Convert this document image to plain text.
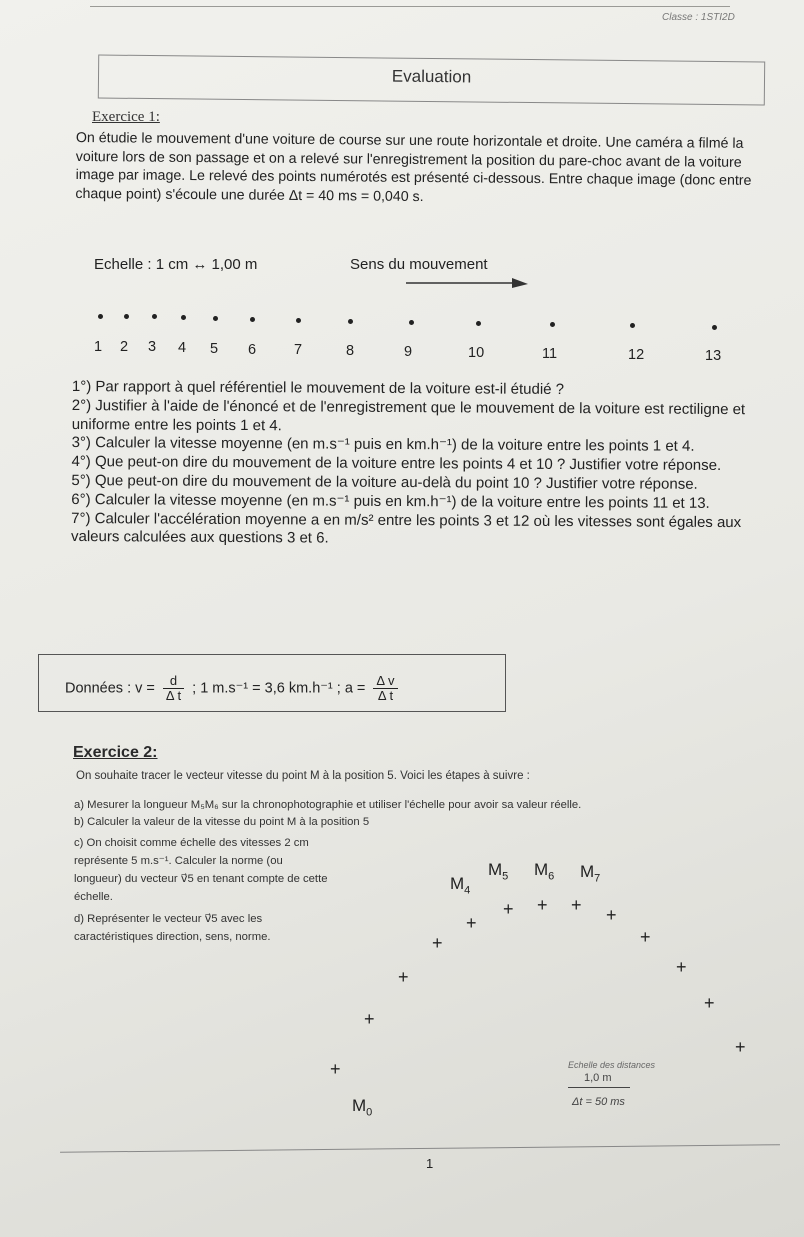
Classe : 1STI2D
Evaluation
Exercice 1:
On étudie le mouvement d'une voiture de course sur une route horizontale et droite. Une caméra a filmé la voiture lors de son passage et on a relevé sur l'enregistrement la position du pare-choc avant de la voiture image par image. Le relevé des points numérotés est présenté ci-dessous. Entre chaque image (donc entre chaque point) s'écoule une durée Δt = 40 ms = 0,040 s.
Echelle : 1 cm ↔ 1,00 m	Sens du mouvement
1 2 3 4 5 6	7	8	9	10	11	12	13

1°) Par rapport à quel référentiel le mouvement de la voiture est-il étudié ?

2°) Justifier à l'aide de l'énoncé et de l'enregistrement que le mouvement de la voiture est rectiligne et uniforme entre les points 1 et 4.

3°) Calculer la vitesse moyenne (en m.s⁻¹ puis en km.h⁻¹) de la voiture entre les points 1 et 4.

4°) Que peut-on dire du mouvement de la voiture entre les points 4 et 10 ? Justifier votre réponse.

5°) Que peut-on dire du mouvement de la voiture au-delà du point 10 ? Justifier votre réponse.

6°) Calculer la vitesse moyenne (en m.s⁻¹ puis en km.h⁻¹) de la voiture entre les points 11 et 13.

7°) Calculer l'accélération moyenne a en m/s² entre les points 3 et 12 où les vitesses sont égales aux valeurs calculées aux questions 3 et 6.

Données : $v = \frac{d}{\text{Δ t}}$ ; 1 m.s⁻¹ = 3,6 km.h⁻¹ ; $a = \frac{\text{Δ v}}{\text{Δ t}}$
Exercice 2:
On souhaite tracer le vecteur vitesse du point M à la position 5. Voici les étapes à suivre :

a) Mesurer la longueur M₅M₆ sur la chronophotographie et utiliser l'échelle pour avoir sa valeur réelle.

b) Calculer la valeur de la vitesse du point M à la position 5

c) On choisit comme échelle des vitesses 2 cm représente 5 m.s⁻¹. Calculer la norme (ou longueur) du vecteur v⃗5 en tenant compte de cette échelle.

d) Représenter le vecteur v⃗5 avec les caractéristiques direction, sens, norme.

+
+
+
+
+
+ + + +
+
+
+
+
$M_0$
$M_4$
$M_5$ $M_6$ $M_7$
Echelle des distances
1,0 m
Δt = 50 ms
1
